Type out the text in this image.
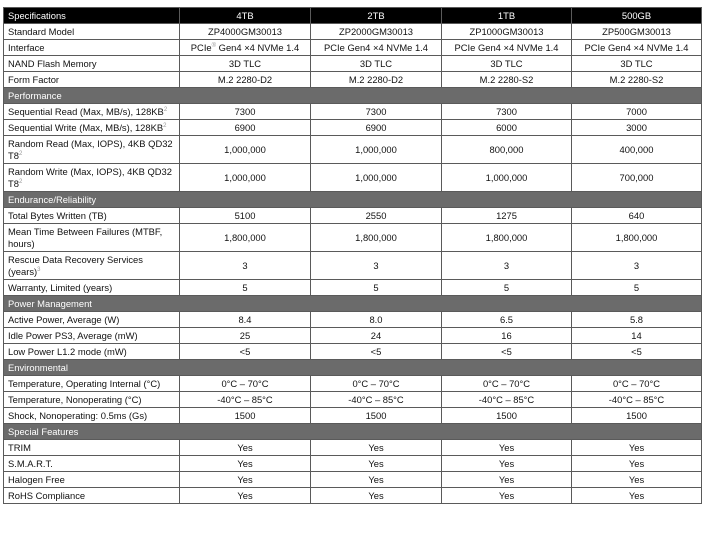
Specifications	4TB	2TB	1TB	500GB
Standard Model	ZP4000GM30013	ZP2000GM30013	ZP1000GM30013	ZP500GM30013
Interface	PCIe® Gen4 ×4 NVMe 1.4	PCIe Gen4 ×4 NVMe 1.4	PCIe Gen4 ×4 NVMe 1.4	PCIe Gen4 ×4 NVMe 1.4
NAND Flash Memory	3D TLC	3D TLC	3D TLC	3D TLC
Form Factor	M.2 2280-D2	M.2 2280-D2	M.2 2280-S2	M.2 2280-S2
Performance				
Sequential Read (Max, MB/s), $128KB^2$	7300	7300	7300	7000
Sequential Write (Max, MB/s), $128KB^2$	6900	6900	6000	3000
Random Read (Max, IOPS), 4KB QD32 $T8^2$	1,000,000	1,000,000	800,000	400,000
Random Write (Max, IOPS), 4KB QD32 $T8^2$	1,000,000	1,000,000	1,000,000	700,000
Endurance/Reliability				
Total Bytes Written (TB)	5100	2550	1275	640
Mean Time Between Failures (MTBF, hours)	1,800,000	1,800,000	1,800,000	1,800,000
Rescue Data Recovery Services (years)$^3$	3	3	3	3
Warranty, Limited (years)	5	5	5	5
Power Management				
Active Power, Average (W)	8.4	8.0	6.5	5.8
Idle Power PS3, Average (mW)	25	24	16	14
Low Power L1.2 mode (mW)	<5	<5	<5	<5
Environmental				
Temperature, Operating Internal (°C)	0°C – 70°C	0°C – 70°C	0°C – 70°C	0°C – 70°C
Temperature, Nonoperating (°C)	-40°C – 85°C	-40°C – 85°C	-40°C – 85°C	-40°C – 85°C
Shock, Nonoperating: 0.5ms (Gs)	1500	1500	1500	1500
Special Features				
TRIM	Yes	Yes	Yes	Yes
S.M.A.R.T.	Yes	Yes	Yes	Yes
Halogen Free	Yes	Yes	Yes	Yes
RoHS Compliance	Yes	Yes	Yes	Yes
